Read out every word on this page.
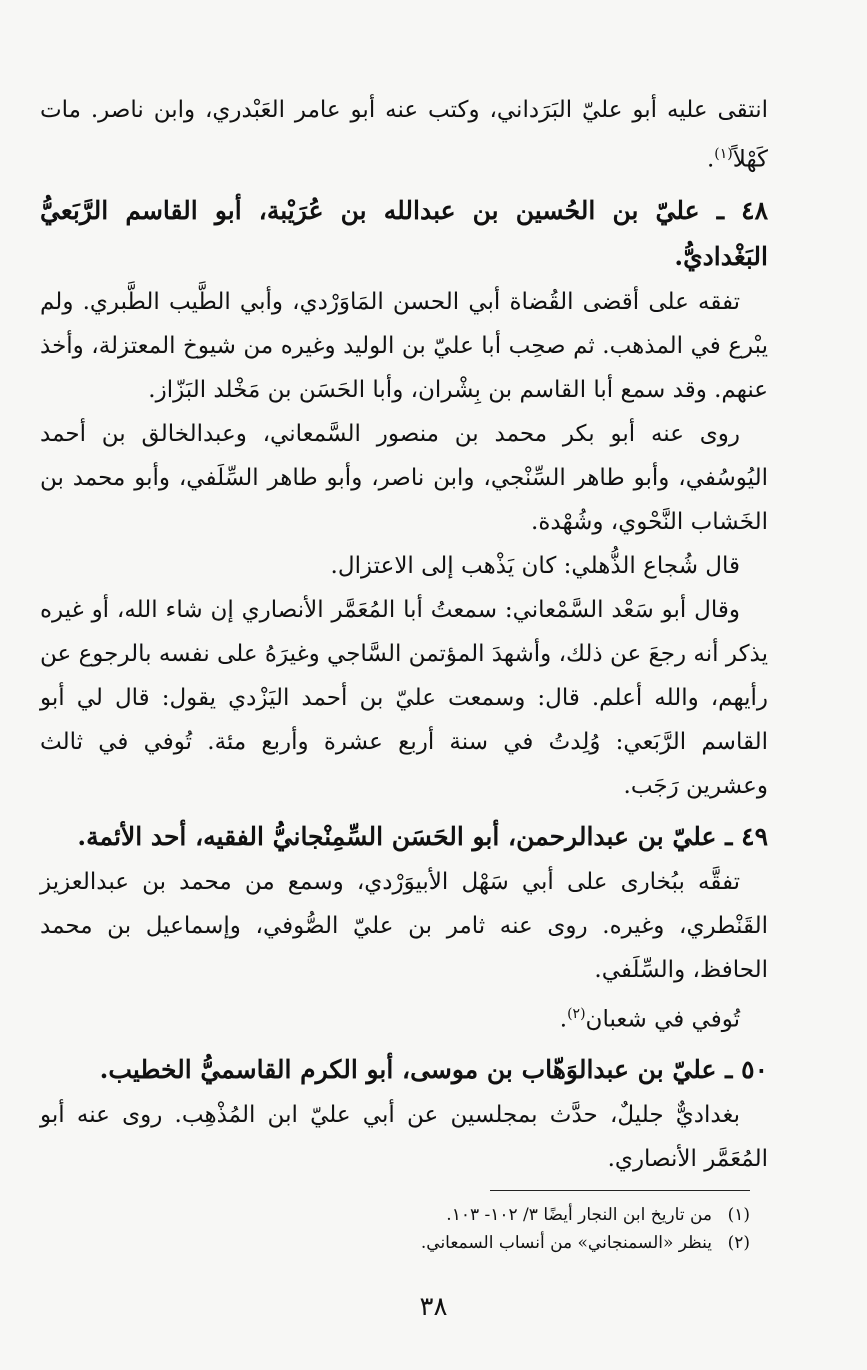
انتقى عليه أبو عليّ البَرَداني، وكتب عنه أبو عامر العَبْدري، وابن ناصر. مات كَهْلاً$^{(١)}$.

٤٨ ـ عليّ بن الحُسين بن عبدالله بن عُرَيْبة، أبو القاسم الرَّبَعيُّ البَغْداديُّ.

تفقه على أقضى القُضاة أبي الحسن المَاوَرْدي، وأبي الطَّيب الطَّبري. ولم يبْرع في المذهب. ثم صحِب أبا عليّ بن الوليد وغيره من شيوخ المعتزلة، وأخذ عنهم. وقد سمع أبا القاسم بن بِشْران، وأبا الحَسَن بن مَخْلد البَزّاز.

روى عنه أبو بكر محمد بن منصور السَّمعاني، وعبدالخالق بن أحمد اليُوسُفي، وأبو طاهر السِّنْجي، وابن ناصر، وأبو طاهر السِّلَفي، وأبو محمد بن الخَشاب النَّحْوي، وشُهْدة.

قال شُجاع الذُّهلي: كان يَذْهب إلى الاعتزال.

وقال أبو سَعْد السَّمْعاني: سمعتُ أبا المُعَمَّر الأنصاري إن شاء الله، أو غيره يذكر أنه رجعَ عن ذلك، وأشهدَ المؤتمن السَّاجي وغيرَهُ على نفسه بالرجوع عن رأيهم، والله أعلم. قال: وسمعت عليّ بن أحمد اليَزْدي يقول: قال لي أبو القاسم الرَّبَعي: وُلِدتُ في سنة أربع عشرة وأربع مئة. تُوفي في ثالث وعشرين رَجَب.

٤٩ ـ عليّ بن عبدالرحمن، أبو الحَسَن السِّمِنْجانيُّ الفقيه، أحد الأئمة.

تفقَّه ببُخارى على أبي سَهْل الأبيوَرْدي، وسمع من محمد بن عبدالعزيز القَنْطري، وغيره. روى عنه ثامر بن عليّ الصُّوفي، وإسماعيل بن محمد الحافظ، والسِّلَفي.

تُوفي في شعبان$^{(٢)}$.

٥٠ ـ عليّ بن عبدالوَهّاب بن موسى، أبو الكرم القاسميُّ الخطيب.

بغداديٌّ جليلٌ، حدَّث بمجلسين عن أبي عليّ ابن المُذْهِب. روى عنه أبو المُعَمَّر الأنصاري.

(١)من تاريخ ابن النجار أيضًا ٣/ ١٠٢- ١٠٣.

(٢)ينظر «السمنجاني» من أنساب السمعاني.

٣٨
